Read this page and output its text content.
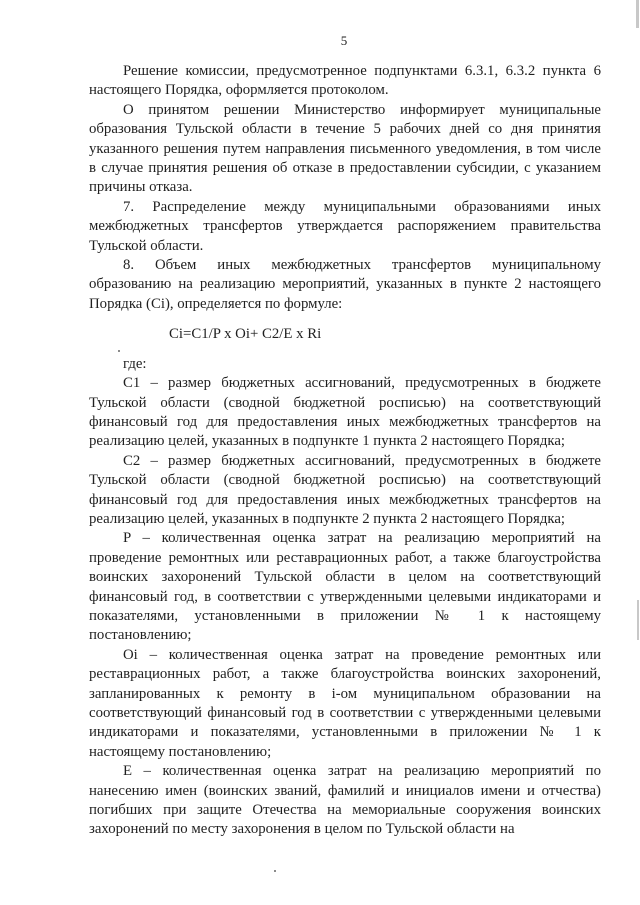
5

Решение комиссии, предусмотренное подпунктами 6.3.1, 6.3.2 пункта 6 настоящего Порядка, оформляется протоколом.

О принятом решении Министерство информирует муниципальные образования Тульской области в течение 5 рабочих дней со дня принятия указанного решения путем направления письменного уведомления, в том числе в случае принятия решения об отказе в предоставлении субсидии, с указанием причины отказа.

7. Распределение между муниципальными образованиями иных межбюджетных трансфертов утверждается распоряжением правительства Тульской области.

8. Объем иных межбюджетных трансфертов муниципальному образованию на реализацию мероприятий, указанных в пункте 2 настоящего Порядка (Ci), определяется по формуле:

Ci=C1/P x Oi+ C2/E x Ri

где:

C1 – размер бюджетных ассигнований, предусмотренных в бюджете Тульской области (сводной бюджетной росписью) на соответствующий финансовый год для предоставления иных межбюджетных трансфертов на реализацию целей, указанных в подпункте 1 пункта 2 настоящего Порядка;

C2 – размер бюджетных ассигнований, предусмотренных в бюджете Тульской области (сводной бюджетной росписью) на соответствующий финансовый год для предоставления иных межбюджетных трансфертов на реализацию целей, указанных в подпункте 2 пункта 2 настоящего Порядка;

P – количественная оценка затрат на реализацию мероприятий на проведение ремонтных или реставрационных работ, а также благоустройства воинских захоронений Тульской области в целом на соответствующий финансовый год, в соответствии с утвержденными целевыми индикаторами и показателями, установленными в приложении № 1 к настоящему постановлению;

Oi – количественная оценка затрат на проведение ремонтных или реставрационных работ, а также благоустройства воинских захоронений, запланированных к ремонту в i-ом муниципальном образовании на соответствующий финансовый год в соответствии с утвержденными целевыми индикаторами и показателями, установленными в приложении № 1 к настоящему постановлению;

E – количественная оценка затрат на реализацию мероприятий по нанесению имен (воинских званий, фамилий и инициалов имени и отчества) погибших при защите Отечества на мемориальные сооружения воинских захоронений по месту захоронения в целом по Тульской области на
